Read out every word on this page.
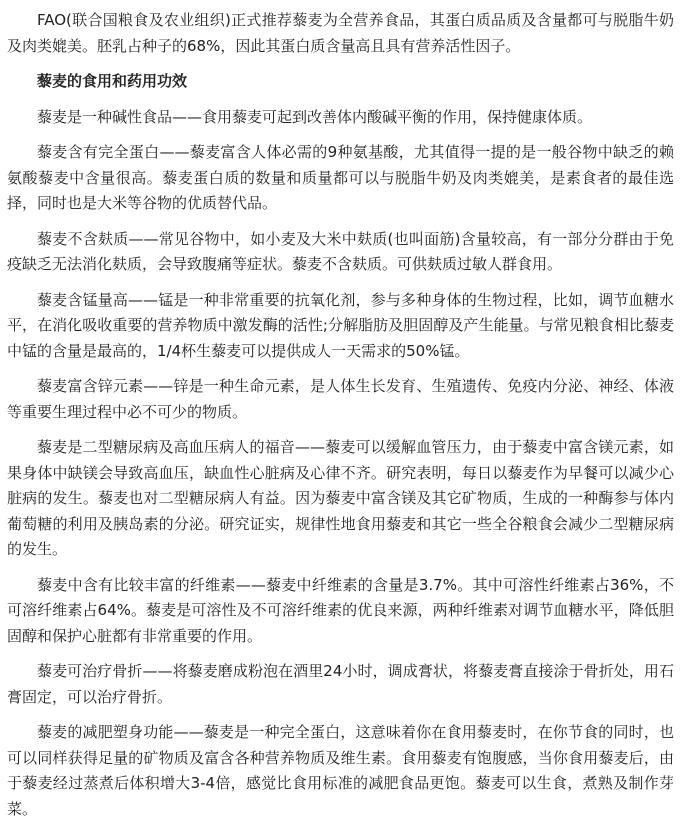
FAO(联合国粮食及农业组织)正式推荐藜麦为全营养食品，其蛋白质品质及含量都可与脱脂牛奶及肉类媲美。胚乳占种子的68%，因此其蛋白质含量高且具有营养活性因子。

藜麦的食用和药用功效

藜麦是一种碱性食品——食用藜麦可起到改善体内酸碱平衡的作用，保持健康体质。

藜麦含有完全蛋白——藜麦富含人体必需的9种氨基酸，尤其值得一提的是一般谷物中缺乏的赖氨酸藜麦中含量很高。藜麦蛋白质的数量和质量都可以与脱脂牛奶及肉类媲美，是素食者的最佳选择，同时也是大米等谷物的优质替代品。

藜麦不含麸质——常见谷物中，如小麦及大米中麸质(也叫面筋)含量较高，有一部分分群由于免疫缺乏无法消化麸质，会导致腹痛等症状。藜麦不含麸质。可供麸质过敏人群食用。

藜麦含锰量高——锰是一种非常重要的抗氧化剂，参与多种身体的生物过程，比如，调节血糖水平，在消化吸收重要的营养物质中激发酶的活性;分解脂肪及胆固醇及产生能量。与常见粮食相比藜麦中锰的含量是最高的，1/4杯生藜麦可以提供成人一天需求的50%锰。

藜麦富含锌元素——锌是一种生命元素，是人体生长发育、生殖遗传、免疫内分泌、神经、体液等重要生理过程中必不可少的物质。

藜麦是二型糖尿病及高血压病人的福音——藜麦可以缓解血管压力，由于藜麦中富含镁元素，如果身体中缺镁会导致高血压，缺血性心脏病及心律不齐。研究表明，每日以藜麦作为早餐可以减少心脏病的发生。藜麦也对二型糖尿病人有益。因为藜麦中富含镁及其它矿物质，生成的一种酶参与体内葡萄糖的利用及胰岛素的分泌。研究证实，规律性地食用藜麦和其它一些全谷粮食会减少二型糖尿病的发生。

藜麦中含有比较丰富的纤维素——藜麦中纤维素的含量是3.7%。其中可溶性纤维素占36%，不可溶纤维素占64%。藜麦是可溶性及不可溶纤维素的优良来源，两种纤维素对调节血糖水平，降低胆固醇和保护心脏都有非常重要的作用。

藜麦可治疗骨折——将藜麦磨成粉泡在酒里24小时，调成膏状，将藜麦膏直接涂于骨折处，用石膏固定，可以治疗骨折。

藜麦的减肥塑身功能——藜麦是一种完全蛋白，这意味着你在食用藜麦时，在你节食的同时，也可以同样获得足量的矿物质及富含各种营养物质及维生素。食用藜麦有饱腹感，当你食用藜麦后，由于藜麦经过蒸煮后体积增大3-4倍，感觉比食用标准的减肥食品更饱。藜麦可以生食，煮熟及制作芽菜。
